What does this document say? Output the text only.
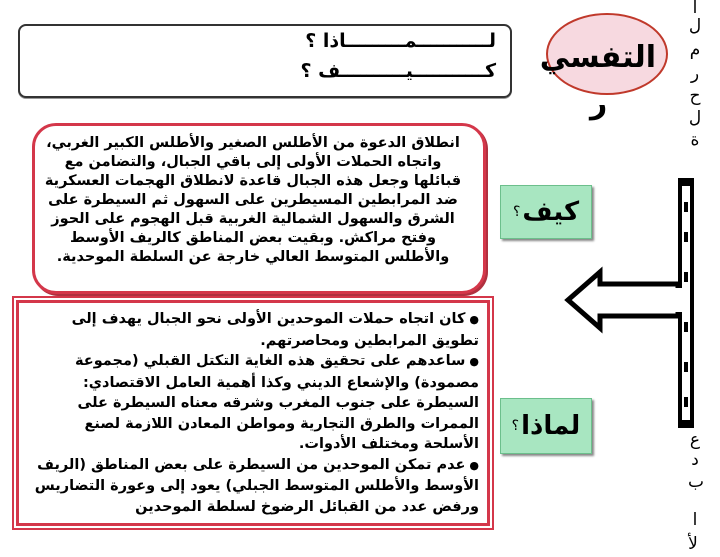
لـــــــــــمـــــــــاذا ؟
كـــــــــــيــــــــــف ؟ التفسي
ر
ا
ل
م
ر
ح
ل
ة
ع
د
ب
ا
لأ
انطلاق الدعوة من الأطلس الصغير والأطلس الكبير الغربي، واتجاه الحملات الأولى إلى باقي الجبال، والتضامن مع قبائلها وجعل هذه الجبال قاعدة لانطلاق الهجمات العسكرية ضد المرابطين المسيطرين على السهول ثم السيطرة على الشرق والسهول الشمالية الغربية قبل الهجوم على الحوز وفتح مراكش. وبقيت بعض المناطق كالريف الأوسط والأطلس المتوسط العالي خارجة عن السلطة الموحدية.

●كان اتجاه حملات الموحدين الأولى نحو الجبال يهدف إلى تطويق المرابطين ومحاصرتهم.

●ساعدهم على تحقيق هذه الغاية التكتل القبلي (مجموعة مصمودة) والإشعاع الديني وكذا أهمية العامل الاقتصادي: السيطرة على جنوب المغرب وشرقه معناه السيطرة على الممرات والطرق التجارية ومواطن المعادن اللازمة لصنع الأسلحة ومختلف الأدوات.

●عدم تمكن الموحدين من السيطرة على بعض المناطق (الريف الأوسط والأطلس المتوسط الجبلي) يعود إلى وعورة التضاريس ورفض عدد من القبائل الرضوخ لسلطة الموحدين

كيف
؟
لماذا
؟
